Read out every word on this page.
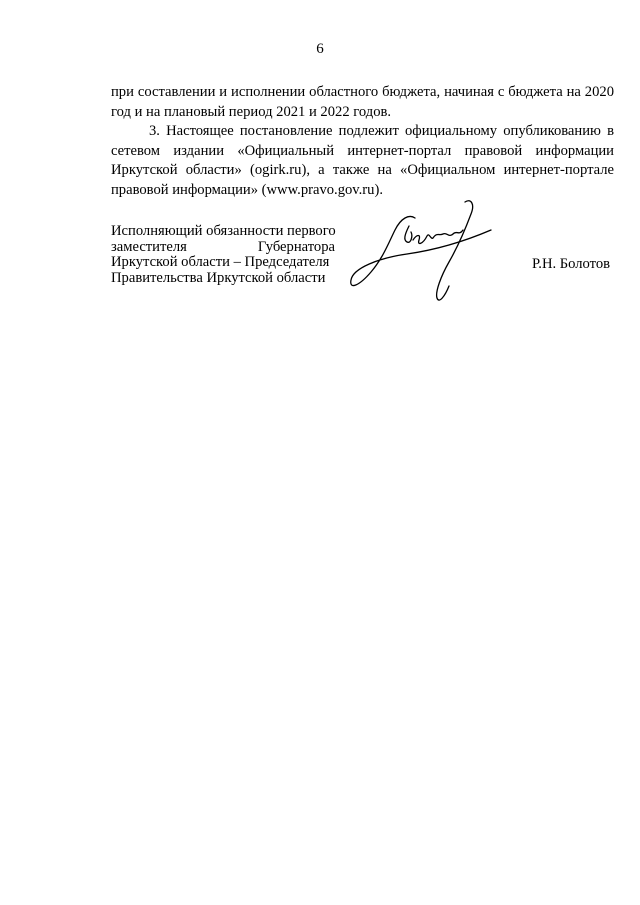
6

при составлении и исполнении областного бюджета, начиная с бюджета на 2020 год и на плановый период 2021 и 2022 годов.

3. Настоящее постановление подлежит официальному опубликованию в сетевом издании «Официальный интернет-портал правовой информации Иркутской области» (ogirk.ru), а также на «Официальном интернет-портале правовой информации» (www.pravo.gov.ru).

Исполняющий обязанности первого
заместителя	Губернатора
Иркутской области – Председателя
Правительства Иркутской области
Р.Н. Болотов
